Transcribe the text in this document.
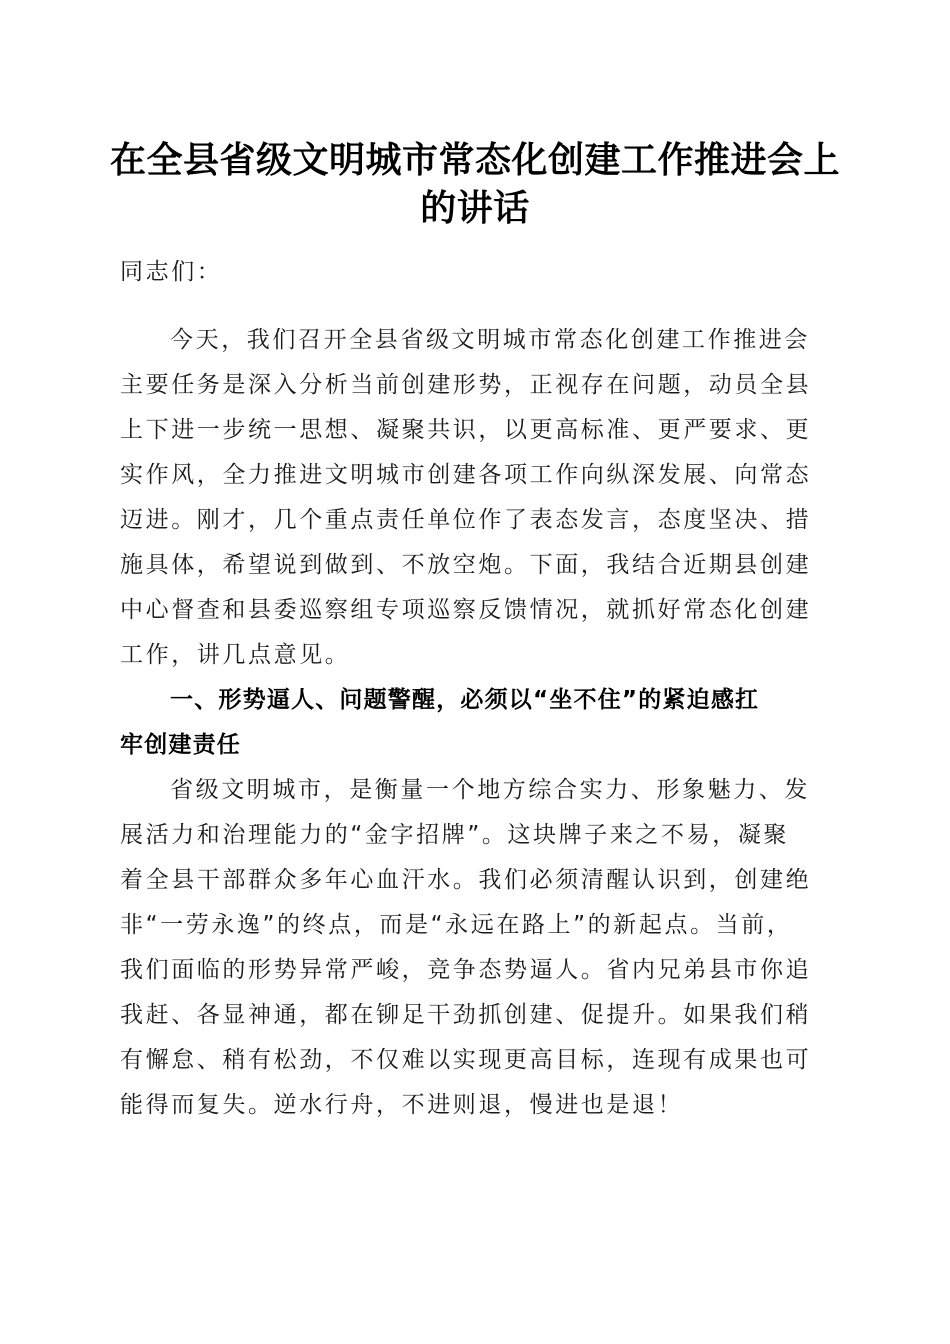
在全县省级文明城市常态化创建工作推进会上
的讲话
同志们：
今天，我们召开全县省级文明城市常态化创建工作推进会
主要任务是深入分析当前创建形势，正视存在问题，动员全县
上下进一步统一思想、凝聚共识，以更高标准、更严要求、更
实作风，全力推进文明城市创建各项工作向纵深发展、向常态
迈进。刚才，几个重点责任单位作了表态发言，态度坚决、措
施具体，希望说到做到、不放空炮。下面，我结合近期县创建
中心督查和县委巡察组专项巡察反馈情况，就抓好常态化创建
工作，讲几点意见。
一、形势逼人、问题警醒，必须以“坐不住”的紧迫感扛
牢创建责任
省级文明城市，是衡量一个地方综合实力、形象魅力、发
展活力和治理能力的“金字招牌”。这块牌子来之不易，凝聚
着全县干部群众多年心血汗水。我们必须清醒认识到，创建绝
非“一劳永逸”的终点，而是“永远在路上”的新起点。当前，
我们面临的形势异常严峻，竞争态势逼人。省内兄弟县市你追
我赶、各显神通，都在铆足干劲抓创建、促提升。如果我们稍
有懈怠、稍有松劲，不仅难以实现更高目标，连现有成果也可
能得而复失。逆水行舟，不进则退，慢进也是退！
